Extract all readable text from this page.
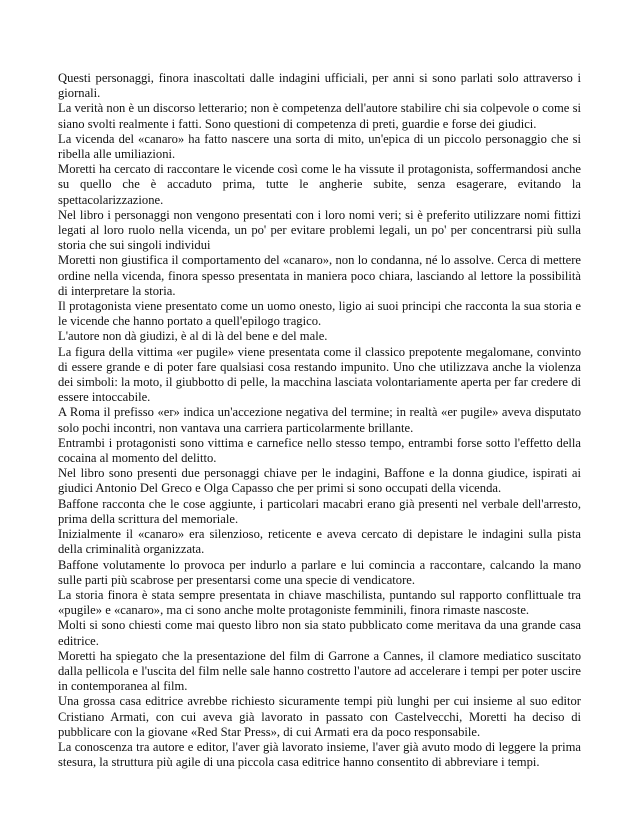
Questi personaggi, finora inascoltati dalle indagini ufficiali, per anni si sono parlati solo attraverso i giornali.

La verità non è un discorso letterario; non è competenza dell'autore stabilire chi sia colpevole o come si siano svolti realmente i fatti. Sono questioni di competenza di preti, guardie e forse dei giudici.

La vicenda del «canaro» ha fatto nascere una sorta di mito, un'epica di un piccolo personaggio che si ribella alle umiliazioni.

Moretti ha cercato di raccontare le vicende così come le ha vissute il protagonista, soffermandosi anche su quello che è accaduto prima, tutte le angherie subite, senza esagerare, evitando la spettacolarizzazione.

Nel libro i personaggi non vengono presentati con i loro nomi veri; si è preferito utilizzare nomi fittizi legati al loro ruolo nella vicenda, un po' per evitare problemi legali, un po' per concentrarsi più sulla storia che sui singoli individui

Moretti non giustifica il comportamento del «canaro», non lo condanna, né lo assolve. Cerca di mettere ordine nella vicenda, finora spesso presentata in maniera poco chiara, lasciando al lettore la possibilità di interpretare la storia.

Il protagonista viene presentato come un uomo onesto, ligio ai suoi principi che racconta la sua storia e le vicende che hanno portato a quell'epilogo tragico.

L'autore non dà giudizi, è al di là del bene e del male.

La figura della vittima «er pugile» viene presentata come il classico prepotente megalomane, convinto di essere grande e di poter fare qualsiasi cosa restando impunito. Uno che utilizzava anche la violenza dei simboli: la moto, il giubbotto di pelle, la macchina lasciata volontariamente aperta per far credere di essere intoccabile.

A Roma il prefisso «er» indica un'accezione negativa del termine; in realtà «er pugile» aveva disputato solo pochi incontri, non vantava una carriera particolarmente brillante.

Entrambi i protagonisti sono vittima e carnefice nello stesso tempo, entrambi forse sotto l'effetto della cocaina al momento del delitto.

Nel libro sono presenti due personaggi chiave per le indagini, Baffone e la donna giudice, ispirati ai giudici Antonio Del Greco e Olga Capasso che per primi si sono occupati della vicenda.

Baffone racconta che le cose aggiunte, i particolari macabri erano già presenti nel verbale dell'arresto, prima della scrittura del memoriale.

Inizialmente il «canaro» era silenzioso, reticente e aveva cercato di depistare le indagini sulla pista della criminalità organizzata.

Baffone volutamente lo provoca per indurlo a parlare e lui comincia a raccontare, calcando la mano sulle parti più scabrose per presentarsi come una specie di vendicatore.

La storia finora è stata sempre presentata in chiave maschilista, puntando sul rapporto conflittuale tra «pugile» e «canaro», ma ci sono anche molte protagoniste femminili, finora rimaste nascoste.

Molti si sono chiesti come mai questo libro non sia stato pubblicato come meritava da una grande casa editrice.

Moretti ha spiegato che la presentazione del film di Garrone a Cannes, il clamore mediatico suscitato dalla pellicola e l'uscita del film nelle sale hanno costretto l'autore ad accelerare i tempi per poter uscire in contemporanea al film.

Una grossa casa editrice avrebbe richiesto sicuramente tempi più lunghi per cui insieme al suo editor Cristiano Armati, con cui aveva già lavorato in passato con Castelvecchi, Moretti ha deciso di pubblicare con la giovane «Red Star Press», di cui Armati era da poco responsabile.

La conoscenza tra autore e editor, l'aver già lavorato insieme, l'aver già avuto modo di leggere la prima stesura, la struttura più agile di una piccola casa editrice hanno consentito di abbreviare i tempi.
